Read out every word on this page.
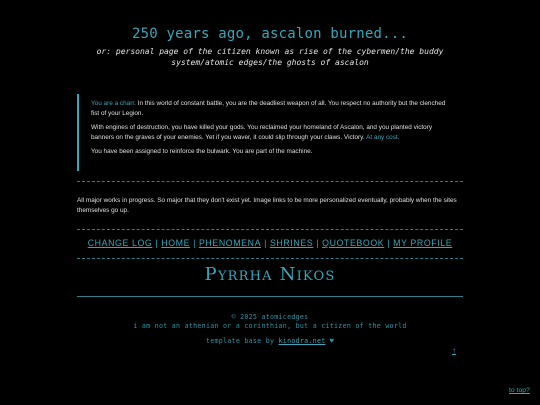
250 years ago, ascalon burned...
or: personal page of the citizen known as rise of the cybermen/the buddy
system/atomic edges/the ghosts of ascalon

You are a charr. In this world of constant battle, you are the deadliest weapon of all. You respect no authority but the clenched fist of your Legion.

With engines of destruction, you have killed your gods. You reclaimed your homeland of Ascalon, and you planted victory banners on the graves of your enemies. Yet if you waver, it could slip through your claws. Victory. At any cost.

You have been assigned to reinforce the bulwark. You are part of the machine.

All major works in progress. So major that they don't exist yet. Image links to be more personalized eventually, probably when the sites themselves go up.
CHANGE LOG | HOME | PHENOMENA | SHRINES | QUOTEBOOK | MY PROFILE
Pyrrha Nikos
© 2025 atomicedges
i am not an athenian or a corinthian, but a citizen of the world
template base by kinodra.net ♥
↑
to top?
